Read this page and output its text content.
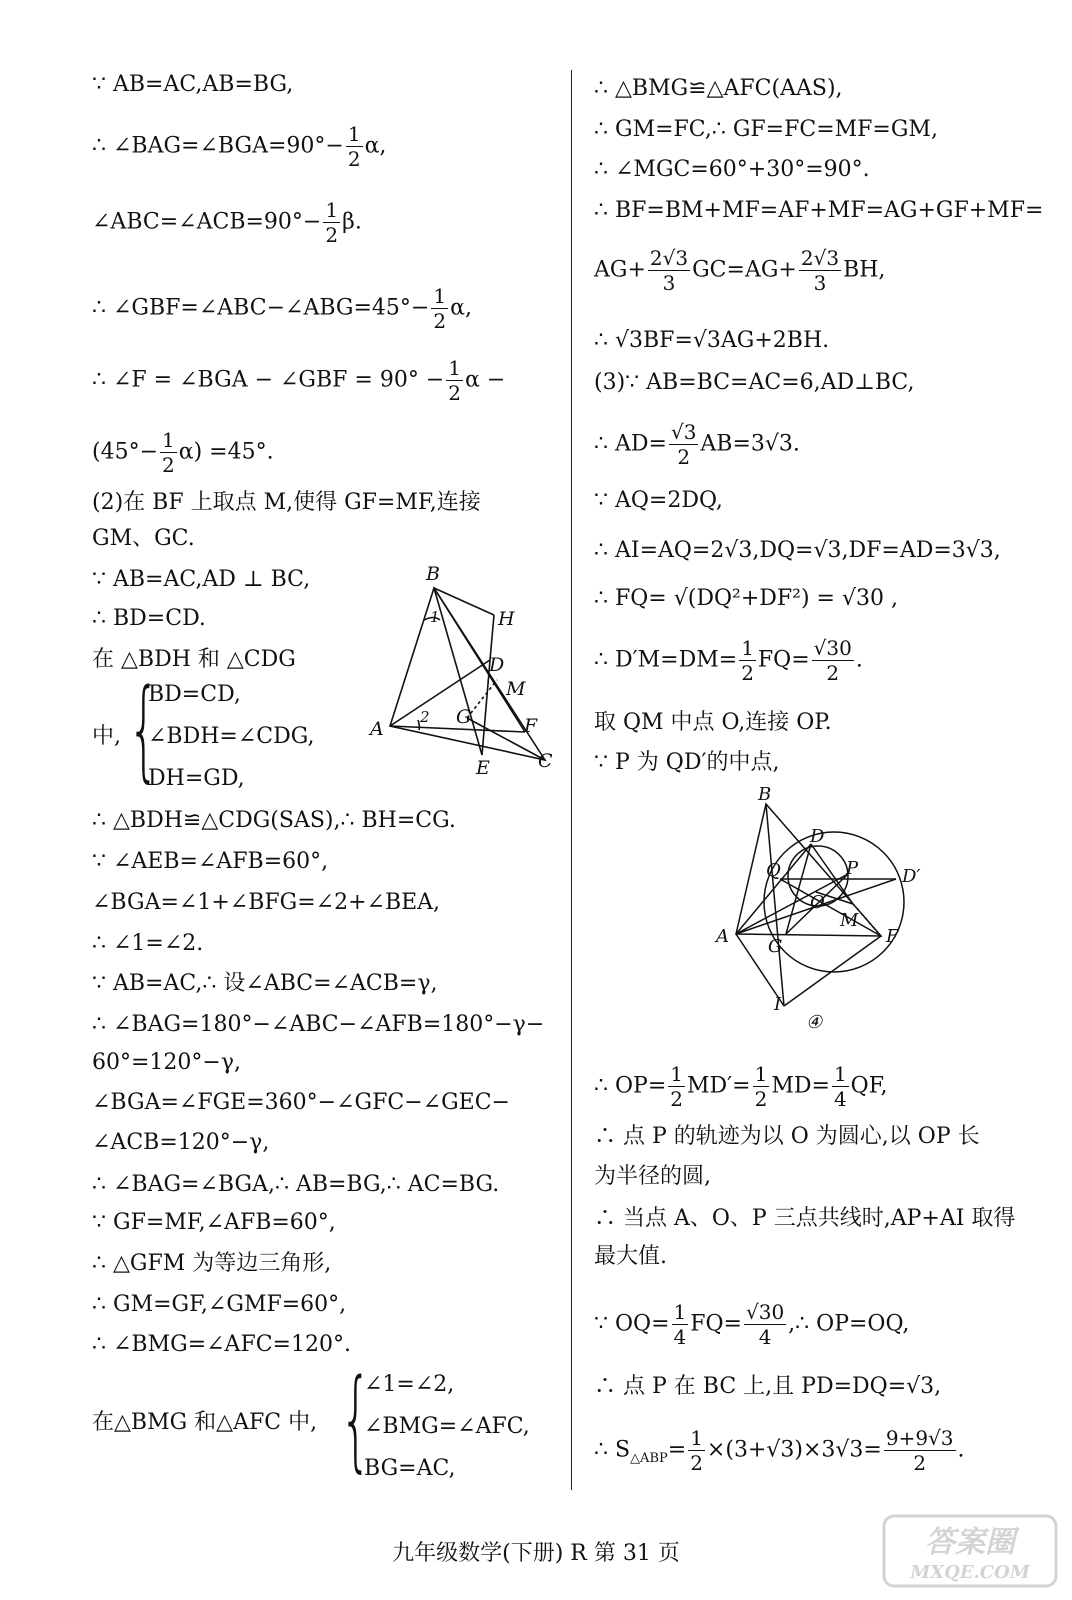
∵ AB=AC,AB=BG,
∴ ∠BAG=∠BGA=90°− $\frac{1}{2} \alpha$,
∠ABC=∠ACB=90°− $\frac{1}{2} \beta$.
∴ ∠GBF=∠ABC−∠ABG=45°− $\frac{1}{2} \alpha$,
∴ ∠F = ∠BGA − ∠GBF = $90^\circ - \frac{1}{2}$ α −
$(45^\circ- \frac{1}{2} \alpha) =45^\circ$.
(2)在 BF 上取点 M,使得 GF=MF,连接
GM、GC.
∵ AB=AC,AD ⊥ BC,
∴ BD=CD.
在 △BDH 和 △CDG
中, {
BD=CD,
∠BDH=∠CDG,
DH=GD,
B
1	H
D
M
A
2 G	F
E	C
∴ △BDH≌△CDG(SAS),∴ BH=CG.
∵ ∠AEB=∠AFB=60°,
∠BGA=∠1+∠BFG=∠2+∠BEA,
∴ ∠1=∠2.
∵ AB=AC,∴ 设∠ABC=∠ACB=γ,
∴ ∠BAG=180°−∠ABC−∠AFB=180°−γ−
60°=120°−γ,
∠BGA=∠FGE=360°−∠GFC−∠GEC−
∠ACB=120°−γ,
∴ ∠BAG=∠BGA,∴ AB=BG,∴ AC=BG.
∵ GF=MF,∠AFB=60°,
∴ △GFM 为等边三角形,
∴ GM=GF,∠GMF=60°,
∴ ∠BMG=∠AFC=120°.
在△BMG 和△AFC 中, {
∠1=∠2,
∠BMG=∠AFC,
BG=AC,
∴ △BMG≌△AFC(AAS),
∴ GM=FC,∴ GF=FC=MF=GM,
∴ ∠MGC=60°+30°=90°.
∴ BF=BM+MF=AF+MF=AG+GF+MF=
$AG+ \frac{2√3}{3} GC=AG+ \frac{2√3}{3}$ BH,
∴ √3BF=√3AG+2BH.
(3)∵ AB=BC=AC=6,AD⊥BC,
∴ $AD= \frac{√3}{2} AB=3√3$.
∵ AQ=2DQ,
∴ AI=AQ=2√3,DQ=√3,DF=AD=3√3,
∴ FQ= √(DQ²+DF²) = √30 ,
∴ $D'M=DM= \frac{1}{2} FQ= \frac{√30}{2}$ .
取 QM 中点 O,连接 OP.
∵ P 为 QD′的中点,
B
D
Q	P D′
O
M
A G	F
I
④
∴ $OP= \frac{1}{2} MD'= \frac{1}{2} MD= \frac{1}{4}$ QF,
∴ 点 P 的轨迹为以 O 为圆心,以 OP 长
为半径的圆,
∴ 当点 A、O、P 三点共线时,AP+AI 取得
最大值.
∵ $OQ= \frac{1}{4} FQ= \frac{√30}{4}$ ,∴ OP=OQ,
∴ 点 P 在 BC 上,且 PD=DQ=√3,
∴ $S_{\triangle ABP}= \frac{1}{2} \times(3+√3)\times 3√3= \frac{9+9√3}{2}$ .
九年级数学(下册) R 第 31 页	答案圈
MXQE.COM
